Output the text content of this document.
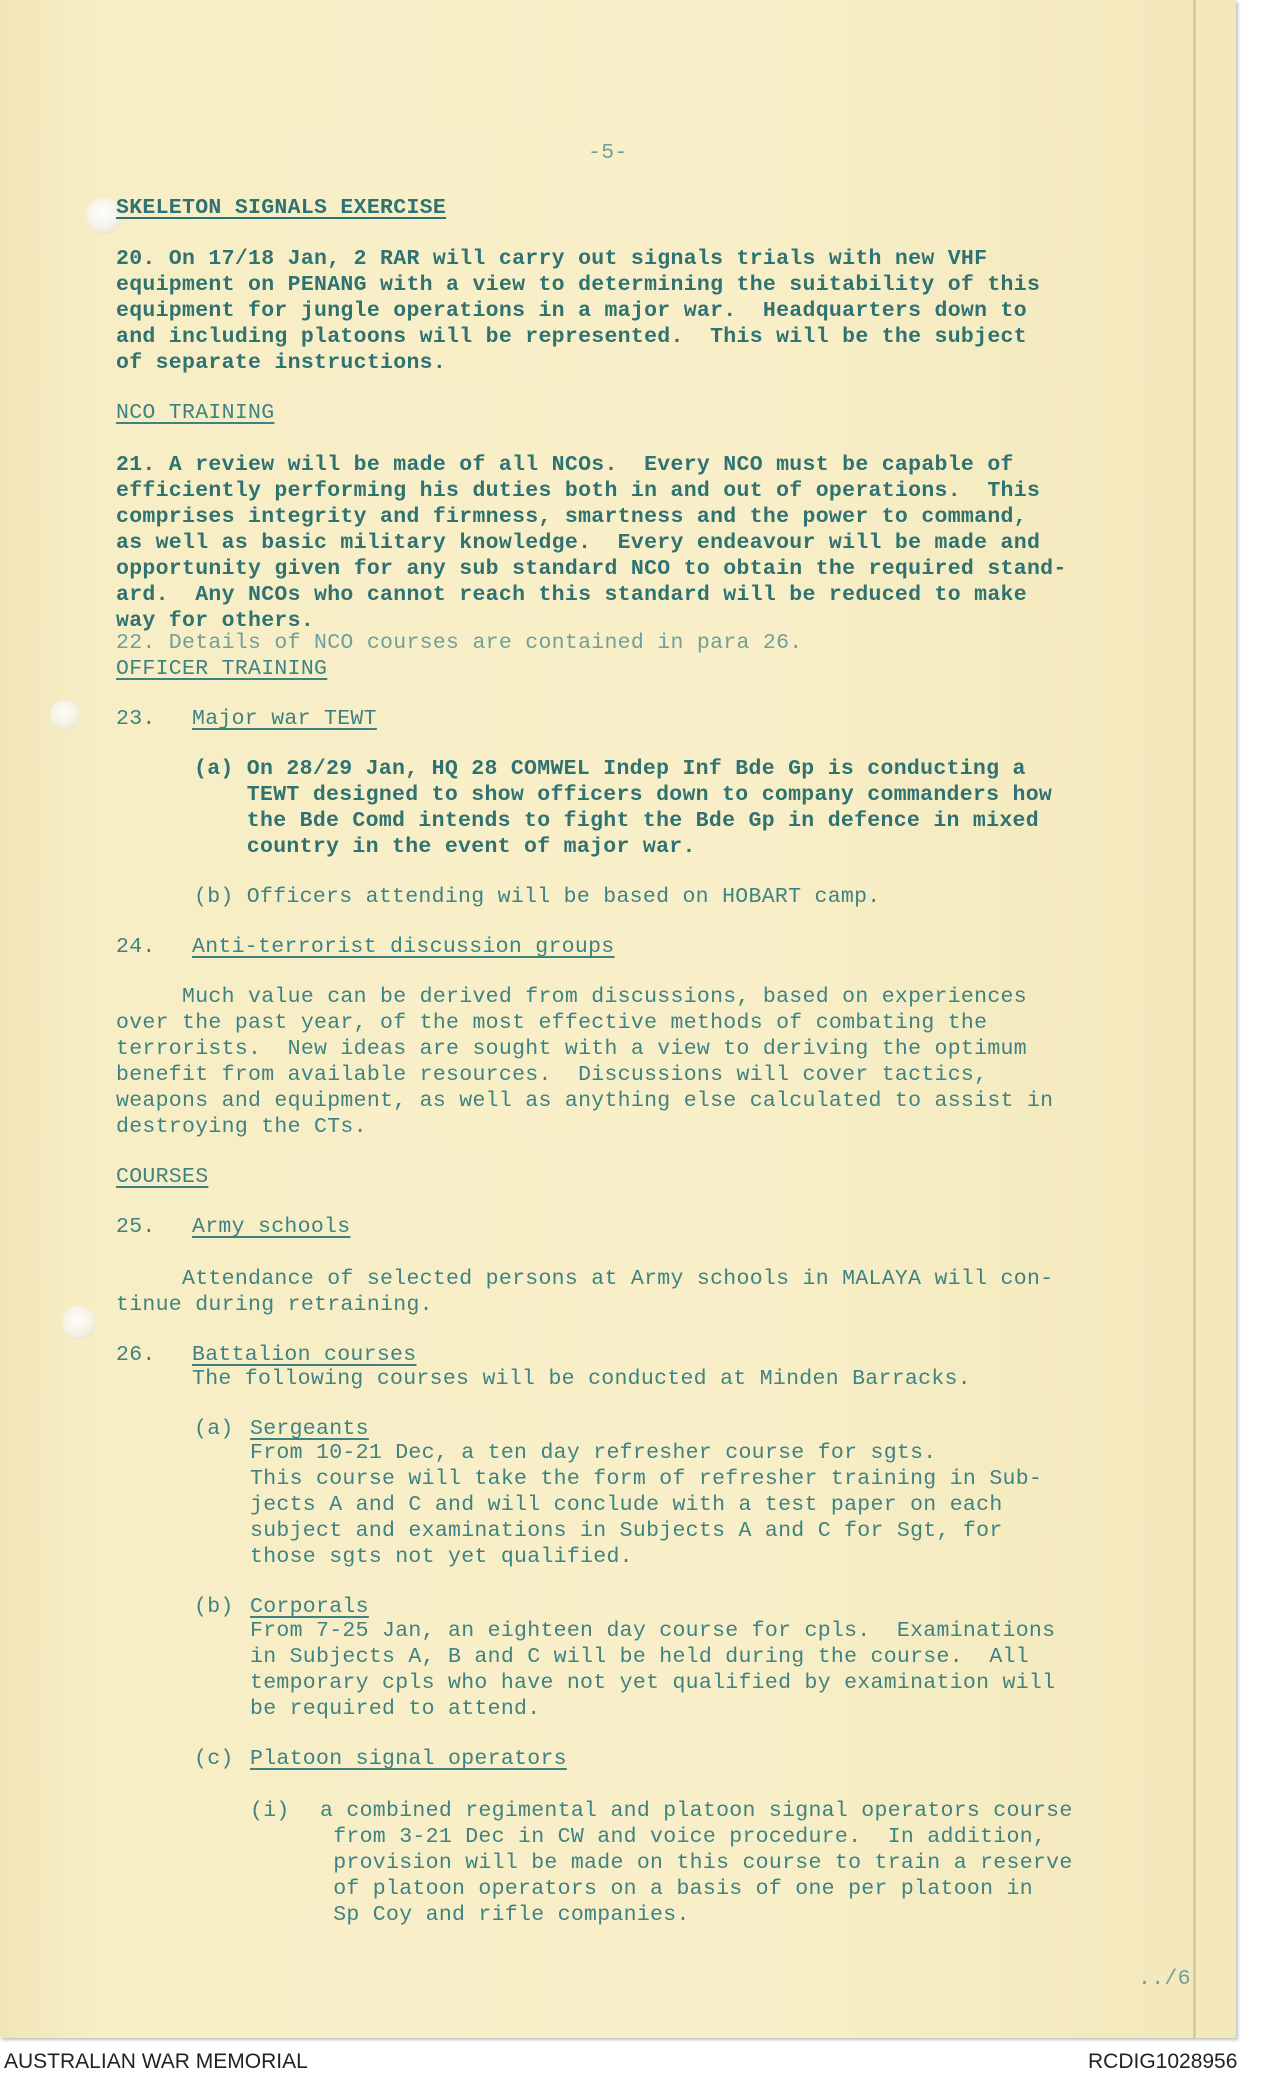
-5-

SKELETON SIGNALS EXERCISE

20. On 17/18 Jan, 2 RAR will carry out signals trials with new VHF

equipment on PENANG with a view to determining the suitability of this

equipment for jungle operations in a major war.  Headquarters down to

and including platoons will be represented.  This will be the subject

of separate instructions.

NCO TRAINING

21. A review will be made of all NCOs.  Every NCO must be capable of

efficiently performing his duties both in and out of operations.  This

comprises integrity and firmness, smartness and the power to command,

as well as basic military knowledge.  Every endeavour will be made and

opportunity given for any sub standard NCO to obtain the required stand-

ard.  Any NCOs who cannot reach this standard will be reduced to make

way for others.

22. Details of NCO courses are contained in para 26.

OFFICER TRAINING

23. Major war TEWT

(a) On 28/29 Jan, HQ 28 COMWEL Indep Inf Bde Gp is conducting a

TEWT designed to show officers down to company commanders how

the Bde Comd intends to fight the Bde Gp in defence in mixed

country in the event of major war.

(b) Officers attending will be based on HOBART camp.

24. Anti-terrorist discussion groups

Much value can be derived from discussions, based on experiences

over the past year, of the most effective methods of combating the

terrorists.  New ideas are sought with a view to deriving the optimum

benefit from available resources.  Discussions will cover tactics,

weapons and equipment, as well as anything else calculated to assist in

destroying the CTs.

COURSES

25. Army schools

Attendance of selected persons at Army schools in MALAYA will con-

tinue during retraining.

26. Battalion courses

The following courses will be conducted at Minden Barracks.

(a) Sergeants

From 10-21 Dec, a ten day refresher course for sgts.

This course will take the form of refresher training in Sub-

jects A and C and will conclude with a test paper on each

subject and examinations in Subjects A and C for Sgt, for

those sgts not yet qualified.

(b) Corporals

From 7-25 Jan, an eighteen day course for cpls.  Examinations

in Subjects A, B and C will be held during the course.  All

temporary cpls who have not yet qualified by examination will

be required to attend.

(c) Platoon signal operators

(i) a combined regimental and platoon signal operators course

from 3-21 Dec in CW and voice procedure.  In addition,

provision will be made on this course to train a reserve

of platoon operators on a basis of one per platoon in

Sp Coy and rifle companies.

../6

AUSTRALIAN WAR MEMORIAL	RCDIG1028956
